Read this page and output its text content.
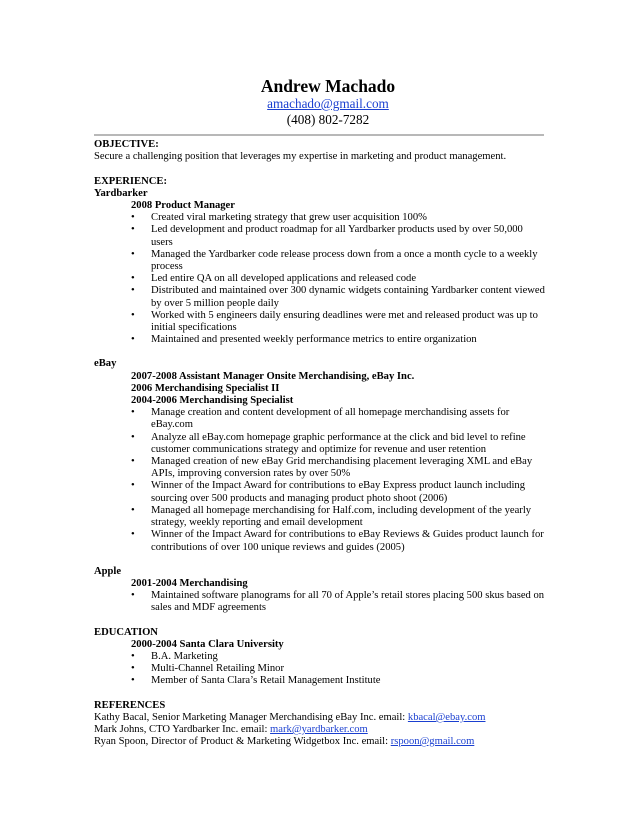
Andrew Machado
amachado@gmail.com
(408) 802-7282
OBJECTIVE:
Secure a challenging position that leverages my expertise in marketing and product management.
EXPERIENCE:
Yardbarker
2008 Product Manager
• Created viral marketing strategy that grew user acquisition 100%
• Led development and product roadmap for all Yardbarker products used by over 50,000 users
• Managed the Yardbarker code release process down from a once a month cycle to a weekly process
• Led entire QA on all developed applications and released code
• Distributed and maintained over 300 dynamic widgets containing Yardbarker content viewed by over 5 million people daily
• Worked with 5 engineers daily ensuring deadlines were met and released product was up to initial specifications
• Maintained and presented weekly performance metrics to entire organization
eBay
2007-2008 Assistant Manager Onsite Merchandising, eBay Inc.
2006 Merchandising Specialist II
2004-2006 Merchandising Specialist
• Manage creation and content development of all homepage merchandising assets for eBay.com
• Analyze all eBay.com homepage graphic performance at the click and bid level to refine customer communications strategy and optimize for revenue and user retention
• Managed creation of new eBay Grid merchandising placement leveraging XML and eBay APIs, improving conversion rates by over 50%
• Winner of the Impact Award for contributions to eBay Express product launch including sourcing over 500 products and managing product photo shoot (2006)
• Managed all homepage merchandising for Half.com, including development of the yearly strategy, weekly reporting and email development
• Winner of the Impact Award for contributions to eBay Reviews & Guides product launch for contributions of over 100 unique reviews and guides (2005)
Apple
2001-2004 Merchandising
• Maintained software planograms for all 70 of Apple’s retail stores placing 500 skus based on sales and MDF agreements
EDUCATION
2000-2004 Santa Clara University
• B.A. Marketing
• Multi-Channel Retailing Minor
• Member of Santa Clara’s Retail Management Institute
REFERENCES
Kathy Bacal, Senior Marketing Manager Merchandising eBay Inc. email: kbacal@ebay.com
Mark Johns, CTO Yardbarker Inc. email: mark@yardbarker.com
Ryan Spoon, Director of Product & Marketing Widgetbox Inc. email: rspoon@gmail.com
